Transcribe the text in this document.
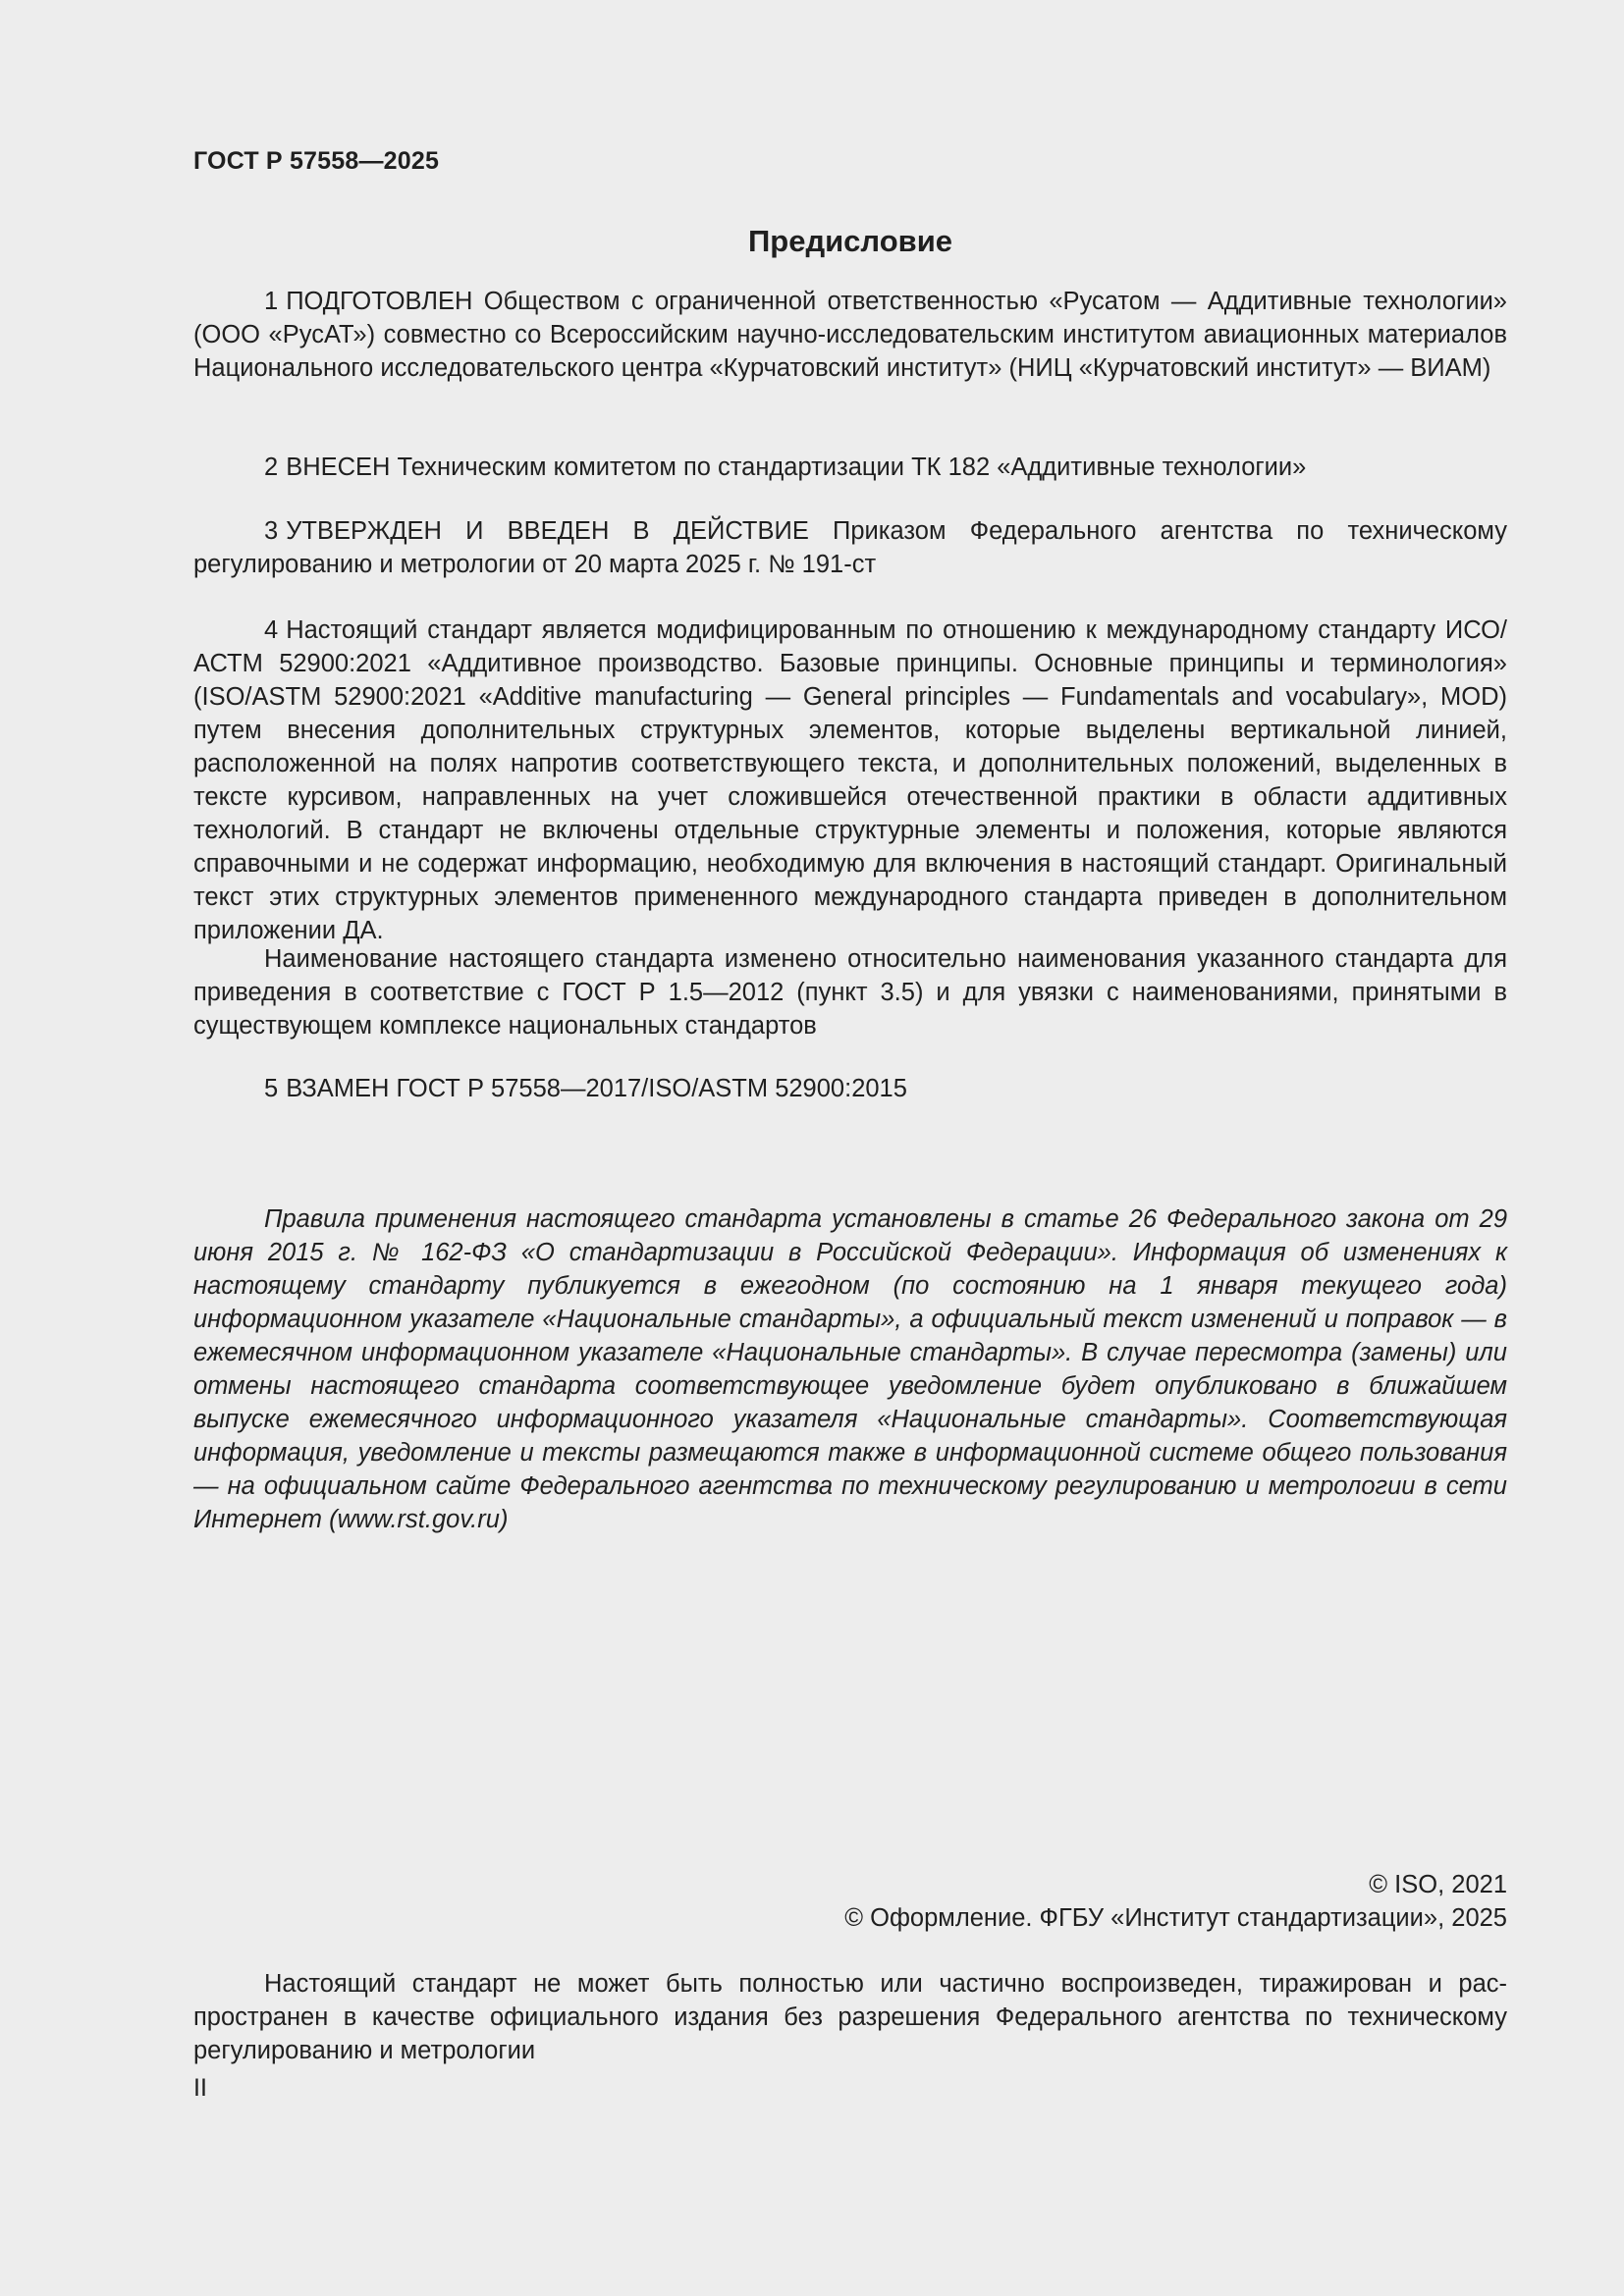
ГОСТ Р 57558—2025
Предисловие

1 ПОДГОТОВЛЕН Обществом с ограниченной ответственностью «Русатом — Аддитивные технологии» (ООО «РусАТ») совместно со Всероссийским научно-исследовательским институтом авиационных материалов Национального исследовательского центра «Курчатовский институт» (НИЦ «Курчатовский институт» — ВИАМ)

2 ВНЕСЕН Техническим комитетом по стандартизации ТК 182 «Аддитивные технологии»

3 УТВЕРЖДЕН И ВВЕДЕН В ДЕЙСТВИЕ Приказом Федерального агентства по техническому регулированию и метрологии от 20 марта 2025 г. № 191-ст

4 Настоящий стандарт является модифицированным по отношению к международному стандарту ИСО/АСТМ 52900:2021 «Аддитивное производство. Базовые принципы. Основные принципы и терминология» (ISO/ASTM 52900:2021 «Additive manufacturing — General principles — Fundamentals and vocabulary», MOD) путем внесения дополнительных структурных элементов, которые выделены вертикальной линией, расположенной на полях напротив соответствующего текста, и дополнительных положений, выделенных в тексте курсивом, направленных на учет сложившейся отечественной практики в области аддитивных технологий. В стандарт не включены отдельные структурные элементы и положения, которые являются справочными и не содержат информацию, необходимую для включения в настоящий стандарт. Оригинальный текст этих структурных элементов примененного международного стандарта приведен в дополнительном приложении ДА.

Наименование настоящего стандарта изменено относительно наименования указанного стандарта для приведения в соответствие с ГОСТ Р 1.5—2012 (пункт 3.5) и для увязки с наименованиями, принятыми в существующем комплексе национальных стандартов

5 ВЗАМЕН ГОСТ Р 57558—2017/ISO/ASTM 52900:2015

Правила применения настоящего стандарта установлены в статье 26 Федерального закона от 29 июня 2015 г. № 162-ФЗ «О стандартизации в Российской Федерации». Информация об изменениях к настоящему стандарту публикуется в ежегодном (по состоянию на 1 января текущего года) информационном указателе «Национальные стандарты», а официальный текст изменений и поправок — в ежемесячном информационном указателе «Национальные стандарты». В случае пересмотра (замены) или отмены настоящего стандарта соответствующее уведомление будет опубликовано в ближайшем выпуске ежемесячного информационного указателя «Национальные стандарты». Соответствующая информация, уведомление и тексты размещаются также в информационной системе общего пользования — на официальном сайте Федерального агентства по техническому регулированию и метрологии в сети Интернет (www.rst.gov.ru)

© ISO, 2021
© Оформление. ФГБУ «Институт стандартизации», 2025

Настоящий стандарт не может быть полностью или частично воспроизведен, тиражирован и распространен в качестве официального издания без разрешения Федерального агентства по техническому регулированию и метрологии

II
